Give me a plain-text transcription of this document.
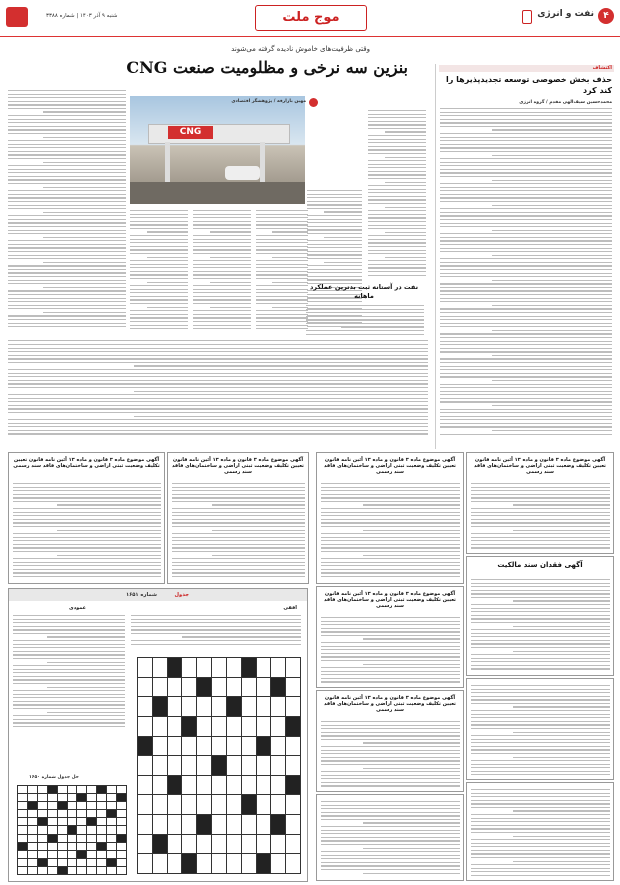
۴
نفت و انرژی
موج ملت
شنبه ۹ آذر ۱۴۰۳ | شماره ۳۳۸۸
وقتی ظرفیت‌های خاموش نادیده گرفته می‌شوند
بنزین سه نرخی و مظلومیت صنعت CNG	اکتشاف
حذف بخش خصوصی توسعه تجدیدپذیرها را کند کرد
محمدحسین سیف‌الهی مقدم / گروه انرژی
CNG
مهین بازارقه / پژوهشگر اقتصادی
نفت در آستانه ثبت بدترین عملکرد ماهانه
آگهی موضوع ماده ۳ قانون و ماده ۱۳ آئین نامه قانون تعیین تکلیف وضعیت ثبتی اراضی و ساختمان‌های فاقد سند رسمی
آگهی موضوع ماده ۳ قانون و ماده ۱۳ آئین نامه قانون تعیین تکلیف وضعیت ثبتی اراضی و ساختمان‌های فاقد سند رسمی
آگهی موضوع ماده ۳ قانون و ماده ۱۳ آئین نامه قانون تعیین تکلیف وضعیت ثبتی اراضی و ساختمان‌های فاقد سند رسمی
آگهی موضوع ماده ۳ قانون و ماده ۱۳ آئین نامه قانون تعیین تکلیف وضعیت ثبتی اراضی و ساختمان‌های فاقد سند رسمی
آگهی فقدان سند مالکیت
آگهی موضوع ماده ۳ قانون و ماده ۱۳ آئین نامه قانون تعیین تکلیف وضعیت ثبتی اراضی و ساختمان‌های فاقد سند رسمی
آگهی موضوع ماده ۳ قانون و ماده ۱۳ آئین نامه قانون تعیین تکلیف وضعیت ثبتی اراضی و ساختمان‌های فاقد سند رسمی
جدول
شماره ۱۶۵۱
افقی
عمودی
حل جدول شماره ۱۶۵۰
